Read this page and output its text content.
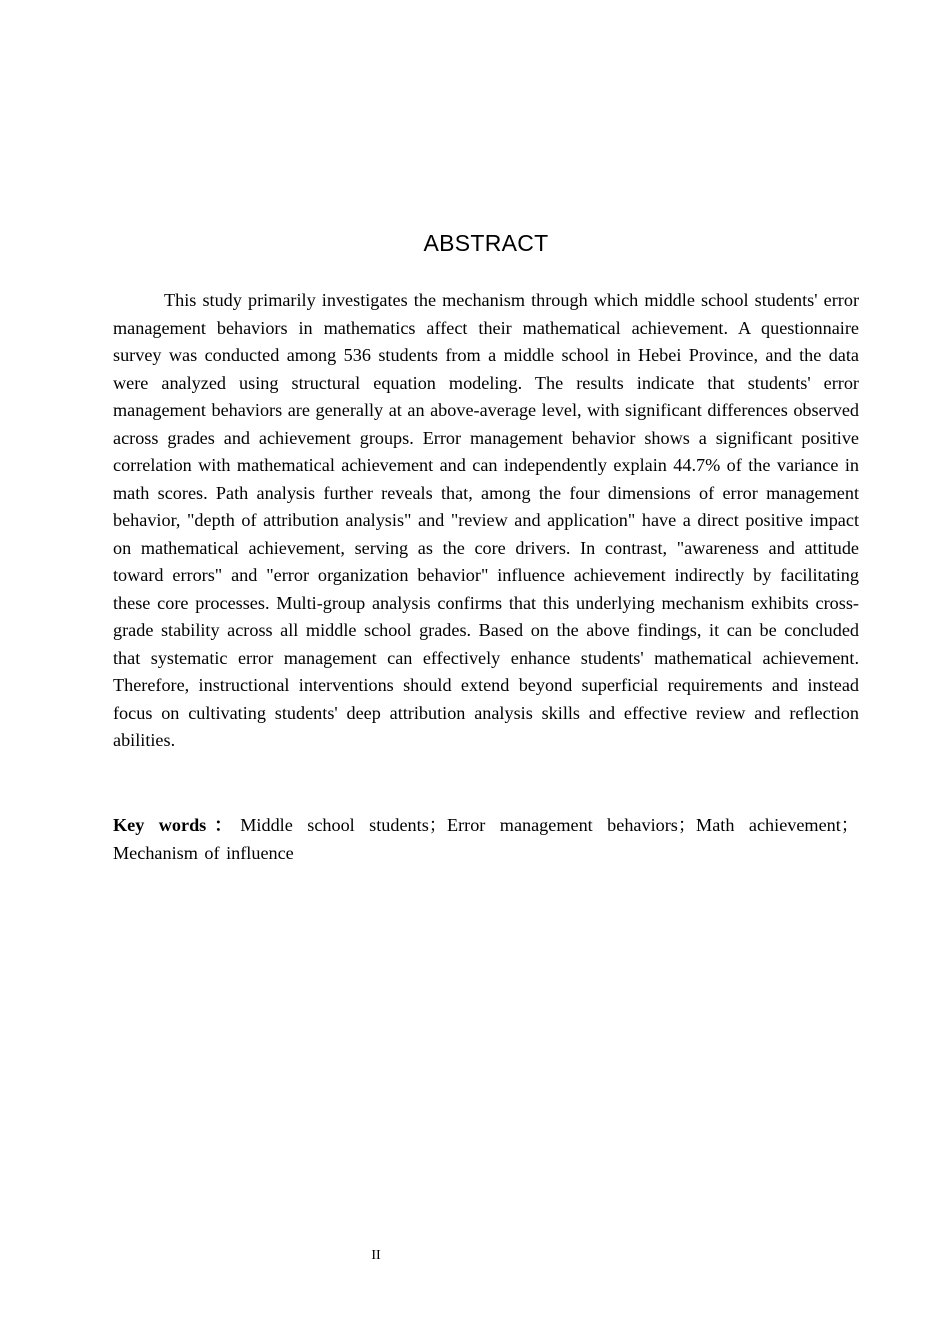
ABSTRACT

This study primarily investigates the mechanism through which middle school students' error management behaviors in mathematics affect their mathematical achievement. A questionnaire survey was conducted among 536 students from a middle school in Hebei Province, and the data were analyzed using structural equation modeling. The results indicate that students' error management behaviors are generally at an above-average level, with significant differences observed across grades and achievement groups. Error management behavior shows a significant positive correlation with mathematical achievement and can independently explain 44.7% of the variance in math scores. Path analysis further reveals that, among the four dimensions of error management behavior, "depth of attribution analysis" and "review and application" have a direct positive impact on mathematical achievement, serving as the core drivers. In contrast, "awareness and attitude toward errors" and "error organization behavior" influence achievement indirectly by facilitating these core processes. Multi-group analysis confirms that this underlying mechanism exhibits cross-grade stability across all middle school grades. Based on the above findings, it can be concluded that systematic error management can effectively enhance students' mathematical achievement. Therefore, instructional interventions should extend beyond superficial requirements and instead focus on cultivating students' deep attribution analysis skills and effective review and reflection abilities.

Key words：Middle school students；Error management behaviors；Math achievement；Mechanism of influence

II
